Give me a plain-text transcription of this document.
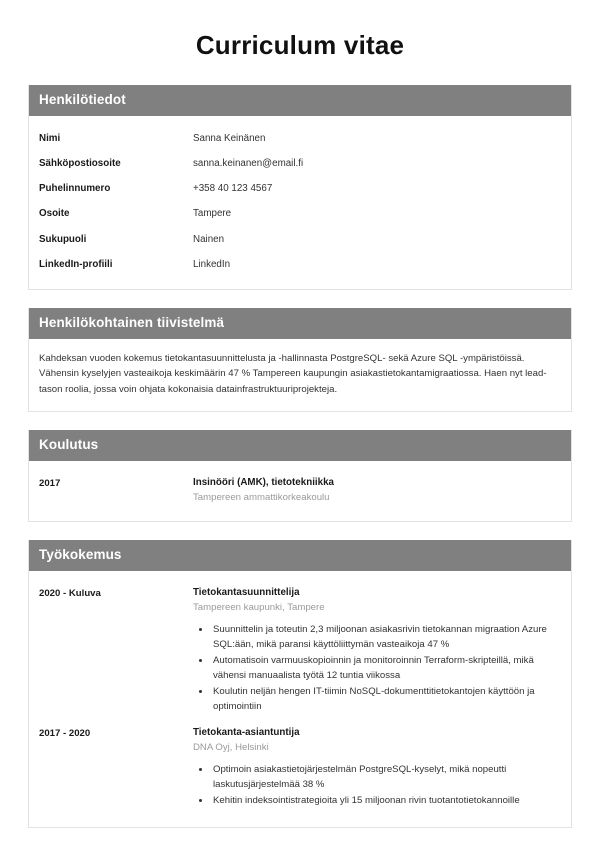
Curriculum vitae
Henkilötiedot
Nimi	Sanna Keinänen
Sähköpostiosoite	sanna.keinanen@email.fi
Puhelinnumero	+358 40 123 4567
Osoite	Tampere
Sukupuoli	Nainen
LinkedIn-profiili	LinkedIn
Henkilökohtainen tiivistelmä

Kahdeksan vuoden kokemus tietokantasuunnittelusta ja -hallinnasta PostgreSQL- sekä Azure SQL -ympäristöissä. Vähensin kyselyjen vasteaikoja keskimäärin 47 % Tampereen kaupungin asiakastietokantamigraatiossa. Haen nyt lead-tason roolia, jossa voin ohjata kokonaisia datainfrastruktuuriprojekteja.

Koulutus
2017	Insinööri (AMK), tietotekniikka
Tampereen ammattikorkeakoulu
Työkokemus
2020 - Kuluva	Tietokantasuunnittelija
Tampereen kaupunki, Tampere
• Suunnittelin ja toteutin 2,3 miljoonan asiakasrivin tietokannan migraation Azure SQL:ään, mikä paransi käyttöliittymän vasteaikoja 47 %
• Automatisoin varmuuskopioinnin ja monitoroinnin Terraform-skripteillä, mikä vähensi manuaalista työtä 12 tuntia viikossa
• Koulutin neljän hengen IT-tiimin NoSQL-dokumenttitietokantojen käyttöön ja optimointiin
2017 - 2020	Tietokanta-asiantuntija
DNA Oyj, Helsinki
• Optimoin asiakastietojärjestelmän PostgreSQL-kyselyt, mikä nopeutti laskutusjärjestelmää 38 %
• Kehitin indeksointistrategioita yli 15 miljoonan rivin tuotantotietokannoille
